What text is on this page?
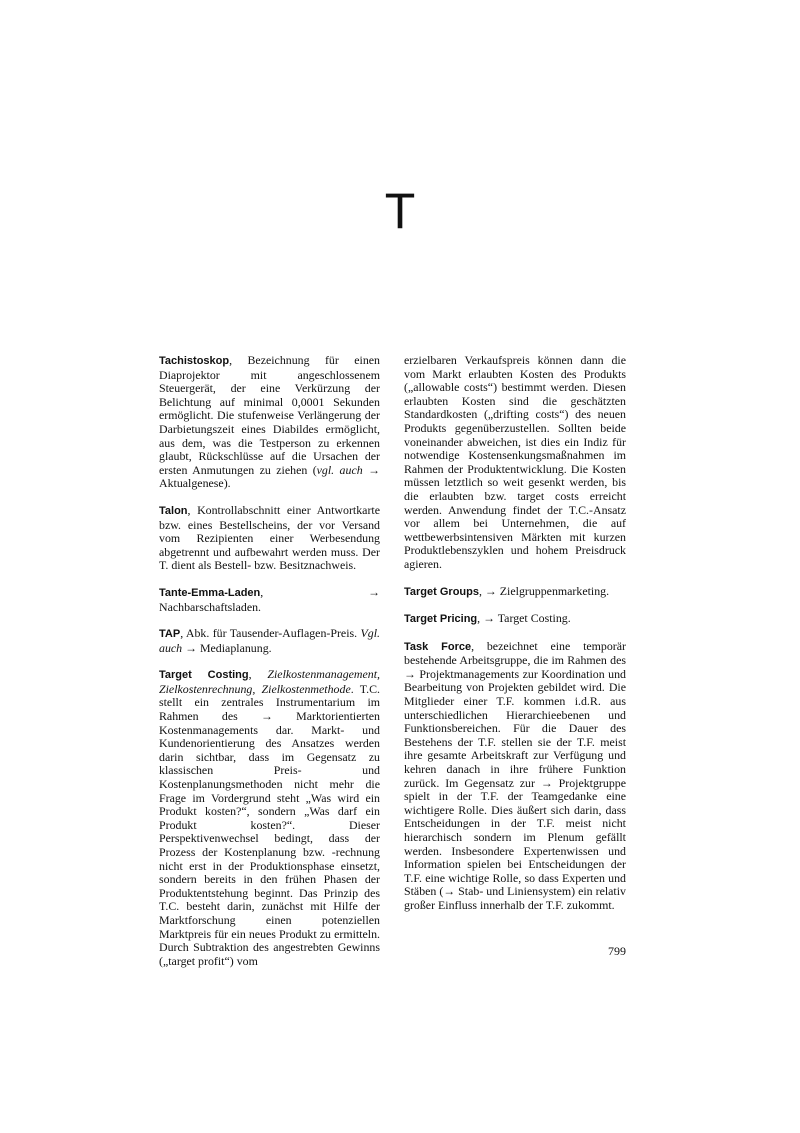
T

Tachistoskop, Bezeichnung für einen Diaprojektor mit angeschlossenem Steuergerät, der eine Verkürzung der Belichtung auf minimal 0,0001 Sekunden ermöglicht. Die stufenweise Verlängerung der Darbietungszeit eines Diabildes ermöglicht, aus dem, was die Testperson zu erkennen glaubt, Rückschlüsse auf die Ursachen der ersten Anmutungen zu ziehen (vgl. auch → Aktualgenese).

Talon, Kontrollabschnitt einer Antwortkarte bzw. eines Bestellscheins, der vor Versand vom Rezipienten einer Werbesendung abgetrennt und aufbewahrt werden muss. Der T. dient als Bestell- bzw. Besitznachweis.

Tante-Emma-Laden, → Nachbarschaftsladen.

TAP, Abk. für Tausender-Auflagen-Preis. Vgl. auch → Mediaplanung.

Target Costing, Zielkostenmanagement, Zielkostenrechnung, Zielkostenmethode. T.C. stellt ein zentrales Instrumentarium im Rahmen des → Marktorientierten Kostenmanagements dar. Markt- und Kundenorientierung des Ansatzes werden darin sichtbar, dass im Gegensatz zu klassischen Preis- und Kostenplanungsmethoden nicht mehr die Frage im Vordergrund steht „Was wird ein Produkt kosten?“, sondern „Was darf ein Produkt kosten?“. Dieser Perspektivenwechsel bedingt, dass der Prozess der Kostenplanung bzw. -rechnung nicht erst in der Produktionsphase einsetzt, sondern bereits in den frühen Phasen der Produktentstehung beginnt. Das Prinzip des T.C. besteht darin, zunächst mit Hilfe der Marktforschung einen potenziellen Marktpreis für ein neues Produkt zu ermitteln. Durch Subtraktion des angestrebten Gewinns („target profit“) vom

erzielbaren Verkaufspreis können dann die vom Markt erlaubten Kosten des Produkts („allowable costs“) bestimmt werden. Diesen erlaubten Kosten sind die geschätzten Standardkosten („drifting costs“) des neuen Produkts gegenüberzustellen. Sollten beide voneinander abweichen, ist dies ein Indiz für notwendige Kostensenkungsmaßnahmen im Rahmen der Produktentwicklung. Die Kosten müssen letztlich so weit gesenkt werden, bis die erlaubten bzw. target costs erreicht werden. Anwendung findet der T.C.-Ansatz vor allem bei Unternehmen, die auf wettbewerbsintensiven Märkten mit kurzen Produktlebenszyklen und hohem Preisdruck agieren.

Target Groups, → Zielgruppenmarketing.

Target Pricing, → Target Costing.

Task Force, bezeichnet eine temporär bestehende Arbeitsgruppe, die im Rahmen des → Projektmanagements zur Koordination und Bearbeitung von Projekten gebildet wird. Die Mitglieder einer T.F. kommen i.d.R. aus unterschiedlichen Hierarchieebenen und Funktionsbereichen. Für die Dauer des Bestehens der T.F. stellen sie der T.F. meist ihre gesamte Arbeitskraft zur Verfügung und kehren danach in ihre frühere Funktion zurück. Im Gegensatz zur → Projektgruppe spielt in der T.F. der Teamgedanke eine wichtigere Rolle. Dies äußert sich darin, dass Entscheidungen in der T.F. meist nicht hierarchisch sondern im Plenum gefällt werden. Insbesondere Expertenwissen und Information spielen bei Entscheidungen der T.F. eine wichtige Rolle, so dass Experten und Stäben (→ Stab- und Liniensystem) ein relativ großer Einfluss innerhalb der T.F. zukommt.

799
